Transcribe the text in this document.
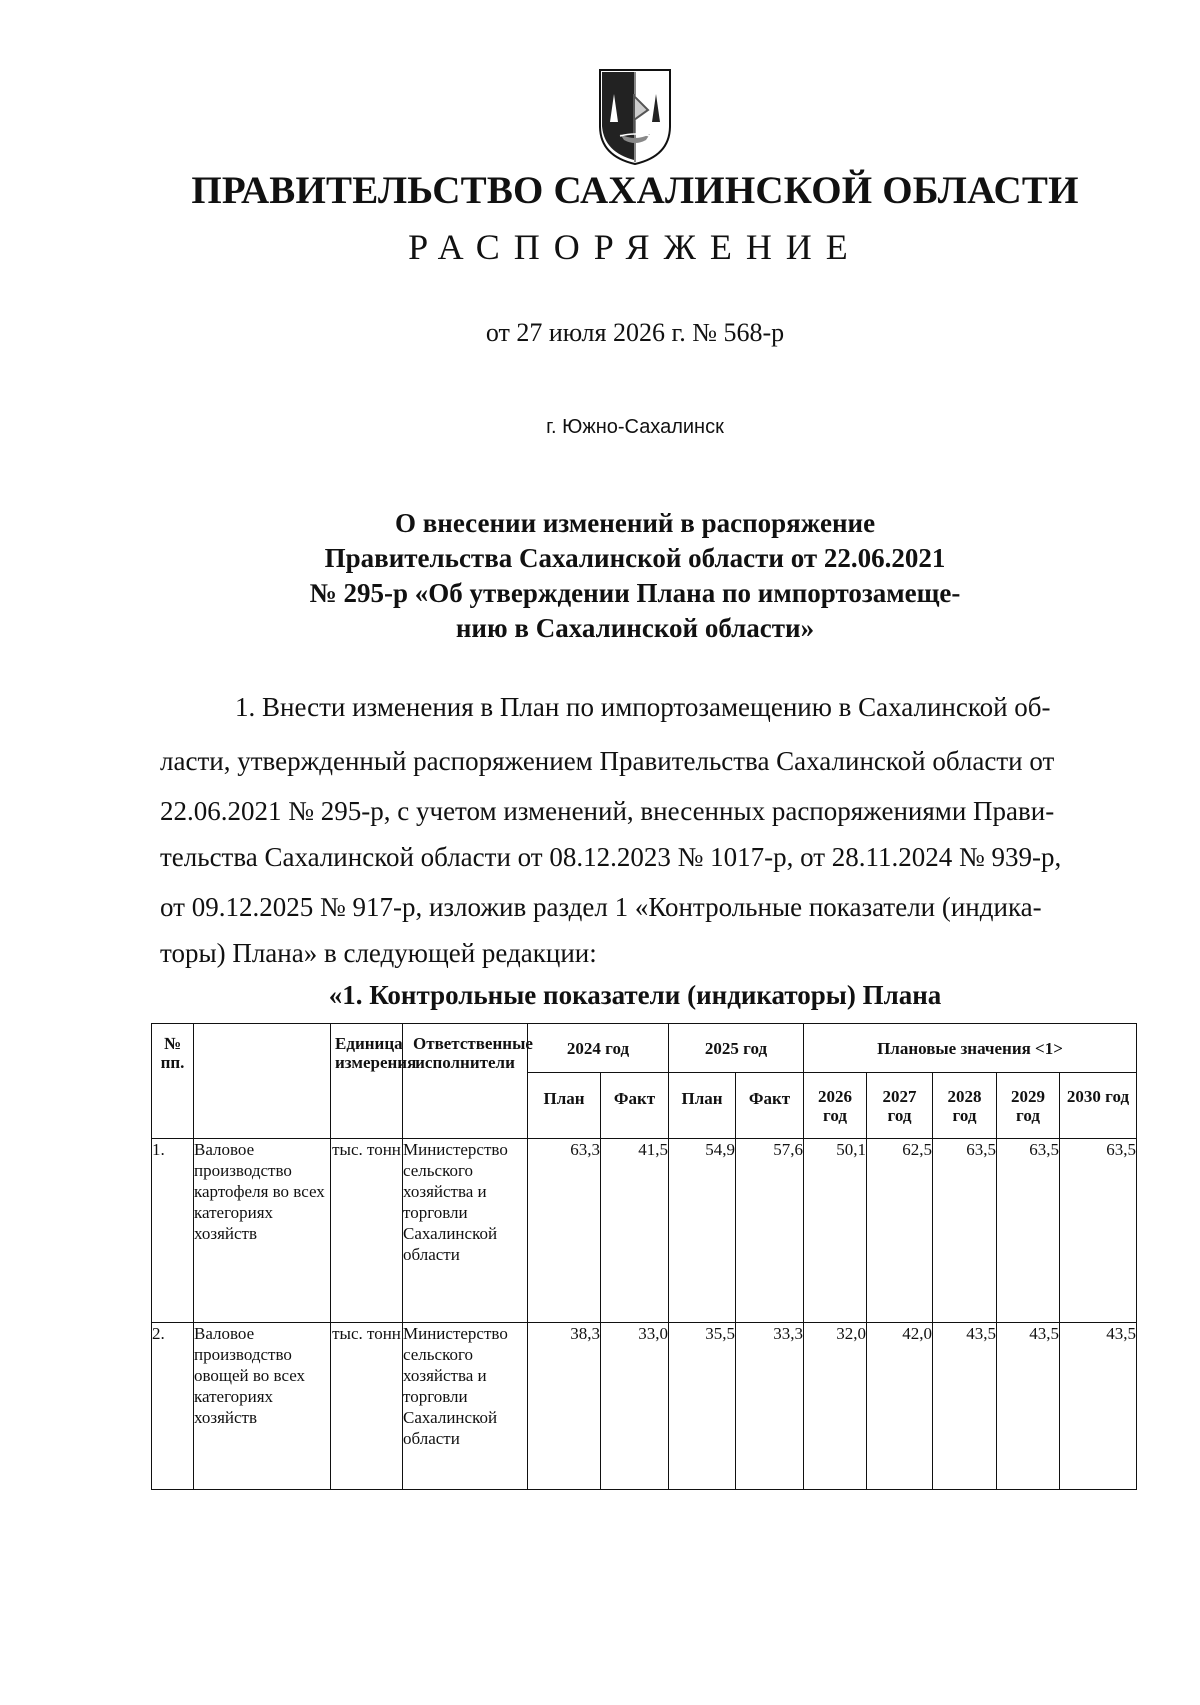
ПРАВИТЕЛЬСТВО САХАЛИНСКОЙ ОБЛАСТИ
РАСПОРЯЖЕНИЕ
от 27 июля 2026 г. № 568-р
г. Южно-Сахалинск
О внесении изменений в распоряжение
Правительства Сахалинской области от 22.06.2021
№ 295-р «Об утверждении Плана по импортозамеще-
нию в Сахалинской области»
1. Внести изменения в План по импортозамещению в Сахалинской об-
ласти, утвержденный распоряжением Правительства Сахалинской области от
22.06.2021 № 295-р, с учетом изменений, внесенных распоряжениями Прави-
тельства Сахалинской области от 08.12.2023 № 1017-р, от 28.11.2024 № 939-р,
от 09.12.2025 № 917-р, изложив раздел 1 «Контрольные показатели (индика-
торы) Плана» в следующей редакции:
«1. Контрольные показатели (индикаторы) Плана
№ пп.		Единица измерения	Ответственные исполнители	2024 год		2025 год		Плановые значения <1>				
				План	Факт	План	Факт	2026 год	2027 год	2028 год	2029 год	2030 год
1.	Валовое производство картофеля во всех категориях хозяйств	тыс. тонн	Министерство сельского хозяйства и торговли Сахалинской области	63,3	41,5	54,9	57,6	50,1	62,5	63,5	63,5	63,5
2.	Валовое производство овощей во всех категориях хозяйств	тыс. тонн	Министерство сельского хозяйства и торговли Сахалинской области	38,3	33,0	35,5	33,3	32,0	42,0	43,5	43,5	43,5
